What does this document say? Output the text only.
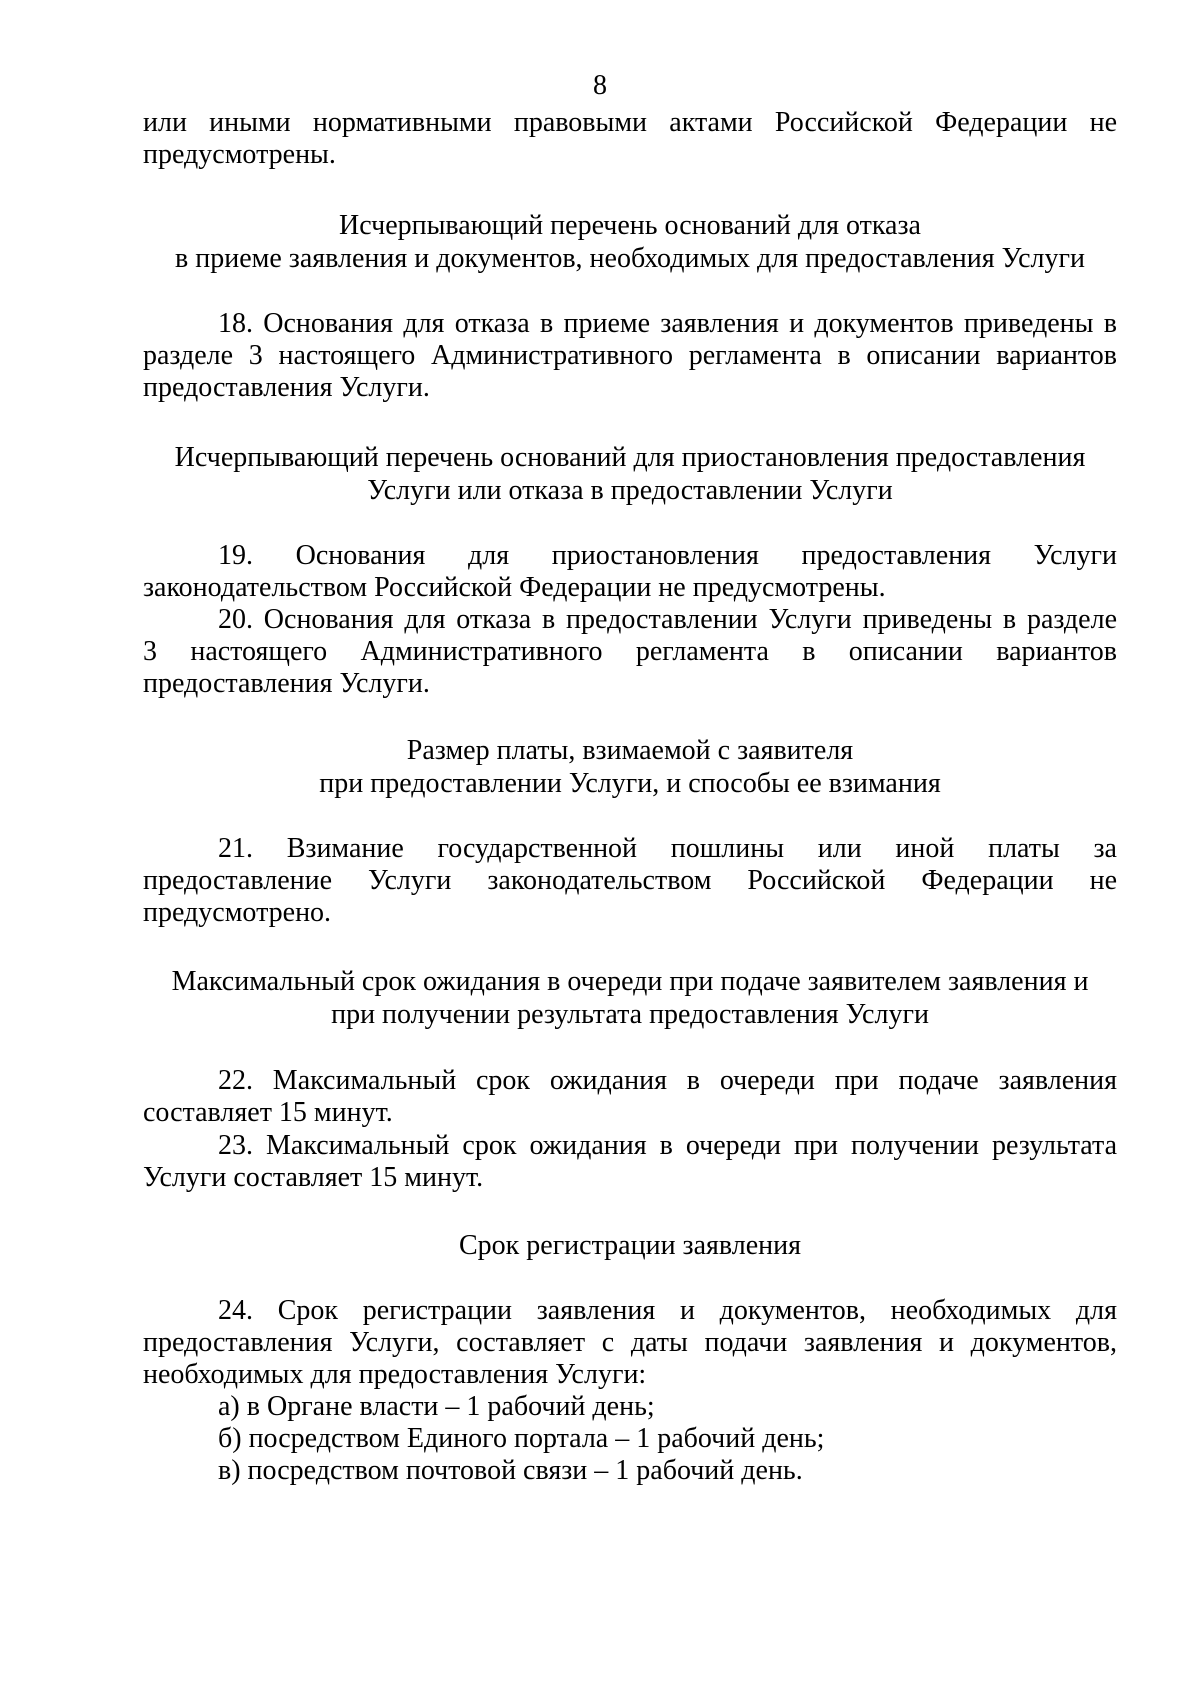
8
или иными нормативными правовыми актами Российской Федерации не
предусмотрены.
Исчерпывающий перечень оснований для отказа
в приеме заявления и документов, необходимых для предоставления Услуги
18. Основания для отказа в приеме заявления и документов приведены в
разделе 3 настоящего Административного регламента в описании вариантов
предоставления Услуги.
Исчерпывающий перечень оснований для приостановления предоставления
Услуги или отказа в предоставлении Услуги
19. Основания для приостановления предоставления Услуги
законодательством Российской Федерации не предусмотрены.
20. Основания для отказа в предоставлении Услуги приведены в разделе
3 настоящего Административного регламента в описании вариантов
предоставления Услуги.
Размер платы, взимаемой с заявителя
при предоставлении Услуги, и способы ее взимания
21. Взимание государственной пошлины или иной платы за
предоставление Услуги законодательством Российской Федерации не
предусмотрено.
Максимальный срок ожидания в очереди при подаче заявителем заявления и
при получении результата предоставления Услуги
22. Максимальный срок ожидания в очереди при подаче заявления
составляет 15 минут.
23. Максимальный срок ожидания в очереди при получении результата
Услуги составляет 15 минут.
Срок регистрации заявления
24. Срок регистрации заявления и документов, необходимых для
предоставления Услуги, составляет с даты подачи заявления и документов,
необходимых для предоставления Услуги:
а) в Органе власти – 1 рабочий день;
б) посредством Единого портала – 1 рабочий день;
в) посредством почтовой связи – 1 рабочий день.
